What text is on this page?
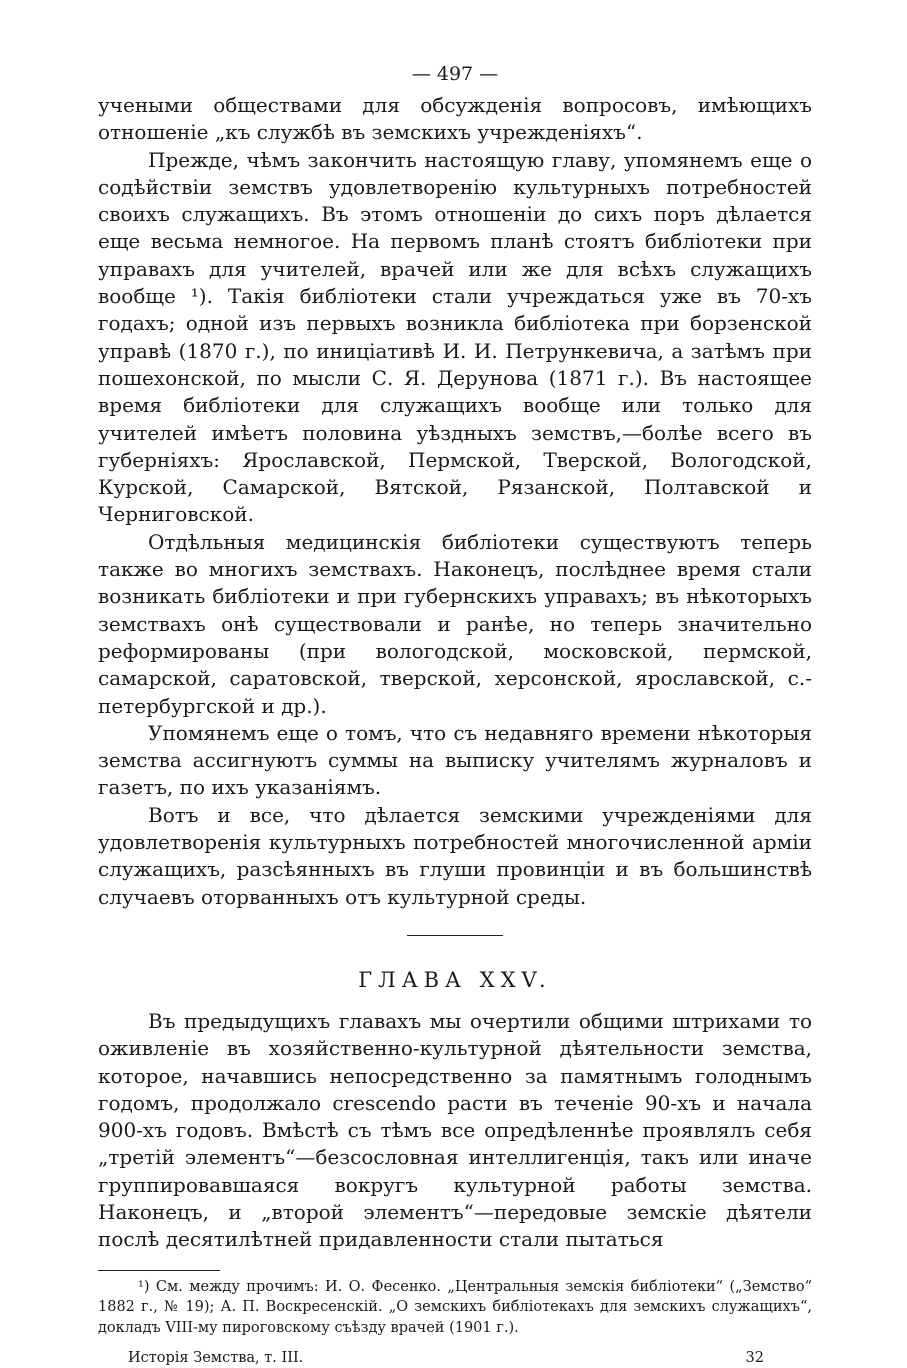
— 497 —

учеными обществами для обсужденія вопросовъ, имѣющихъ отношеніе „къ службѣ въ земскихъ учрежденіяхъ“.

Прежде, чѣмъ закончить настоящую главу, упомянемъ еще о содѣйствіи земствъ удовлетворенію культурныхъ потребностей своихъ служащихъ. Въ этомъ отношеніи до сихъ поръ дѣлается еще весьма немногое. На первомъ планѣ стоятъ библіотеки при управахъ для учителей, врачей или же для всѣхъ служащихъ вообще ¹). Такія библіотеки стали учреждаться уже въ 70-хъ годахъ; одной изъ первыхъ возникла библіотека при борзенской управѣ (1870 г.), по иниціативѣ И. И. Петрункевича, а затѣмъ при пошехонской, по мысли С. Я. Дерунова (1871 г.). Въ настоящее время библіотеки для служащихъ вообще или только для учителей имѣетъ половина уѣздныхъ земствъ,—болѣе всего въ губерніяхъ: Ярославской, Пермской, Тверской, Вологодской, Курской, Самарской, Вятской, Рязанской, Полтавской и Черниговской.

Отдѣльныя медицинскія библіотеки существуютъ теперь также во многихъ земствахъ. Наконецъ, послѣднее время стали возникать библіотеки и при губернскихъ управахъ; въ нѣкоторыхъ земствахъ онѣ существовали и ранѣе, но теперь значительно реформированы (при вологодской, московской, пермской, самарской, саратовской, тверской, херсонской, ярославской, с.-петербургской и др.).

Упомянемъ еще о томъ, что съ недавняго времени нѣкоторыя земства ассигнуютъ суммы на выписку учителямъ журналовъ и газетъ, по ихъ указаніямъ.

Вотъ и все, что дѣлается земскими учрежденіями для удовлетворенія культурныхъ потребностей многочисленной арміи служащихъ, разсѣянныхъ въ глуши провинціи и въ большинствѣ случаевъ оторванныхъ отъ культурной среды.

ГЛАВА XXV.

Въ предыдущихъ главахъ мы очертили общими штрихами то оживленіе въ хозяйственно-культурной дѣятельности земства, которое, начавшись непосредственно за памятнымъ голоднымъ годомъ, продолжало crescendo расти въ теченіе 90-хъ и начала 900-хъ годовъ. Вмѣстѣ съ тѣмъ все опредѣленнѣе проявлялъ себя „третій элементъ“—безсословная интеллигенція, такъ или иначе группировавшаяся вокругъ культурной работы земства. Наконецъ, и „второй элементъ“—передовые земскіе дѣятели послѣ десятилѣтней придавленности стали пытаться

¹) См. между прочимъ: И. О. Фесенко. „Центральныя земскія библіотеки“ („Земство“ 1882 г., № 19); А. П. Воскресенскій. „О земскихъ библіотекахъ для земскихъ служащихъ“, докладъ VIII-му пироговскому съѣзду врачей (1901 г.).

Исторія Земства, т. III.	32
